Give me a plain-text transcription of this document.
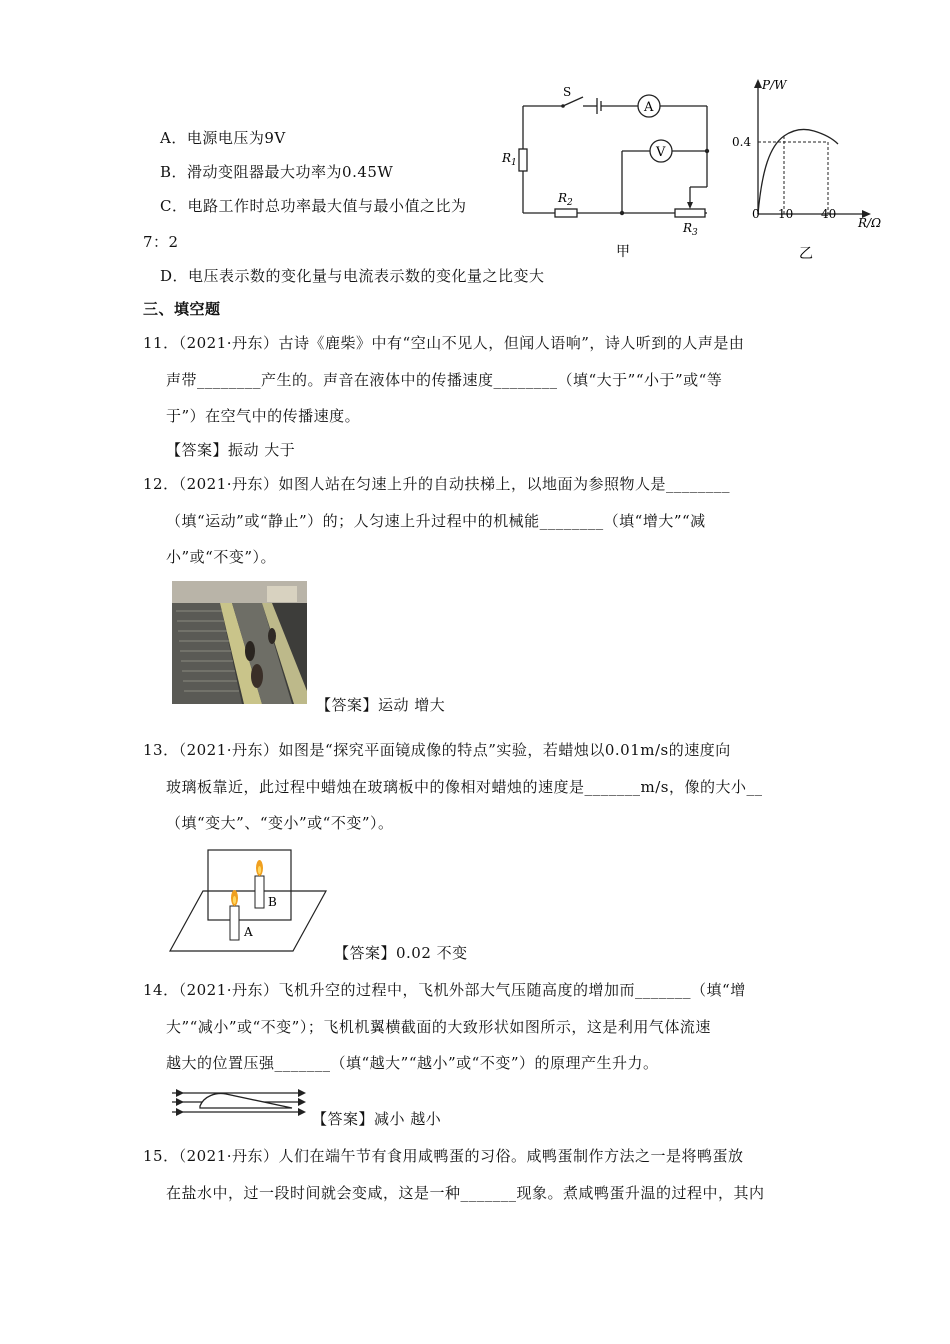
A．电源电压为9V
B．滑动变阻器最大功率为0.45W
C．电路工作时总功率最大值与最小值之比为
7：2
D．电压表示数的变化量与电流表示数的变化量之比变大
S
A
V
$R_1$
$R_2$
$R_3$
甲
P/W
R/Ω
0.4
0 10 40
乙
三、填空题
11．（2021·丹东）古诗《鹿柴》中有“空山不见人，但闻人语响”，诗人听到的人声是由
声带________产生的。声音在液体中的传播速度________（填“大于”“小于”或“等
于”）在空气中的传播速度。
【答案】振动 大于
12．（2021·丹东）如图人站在匀速上升的自动扶梯上，以地面为参照物人是________
（填“运动”或“静止”）的；人匀速上升过程中的机械能________（填“增大”“减
小”或“不变”）。
【答案】运动 增大
13．（2021·丹东）如图是“探究平面镜成像的特点”实验，若蜡烛以0.01m/s的速度向
玻璃板靠近，此过程中蜡烛在玻璃板中的像相对蜡烛的速度是_______m/s，像的大小__
（填“变大”、“变小”或“不变”）。
B
A
【答案】0.02 不变
14．（2021·丹东）飞机升空的过程中，飞机外部大气压随高度的增加而_______（填“增
大”“减小”或“不变”）；飞机机翼横截面的大致形状如图所示，这是利用气体流速
越大的位置压强_______（填“越大”“越小”或“不变”）的原理产生升力。
【答案】减小 越小
15．（2021·丹东）人们在端午节有食用咸鸭蛋的习俗。咸鸭蛋制作方法之一是将鸭蛋放
在盐水中，过一段时间就会变咸，这是一种_______现象。煮咸鸭蛋升温的过程中，其内
